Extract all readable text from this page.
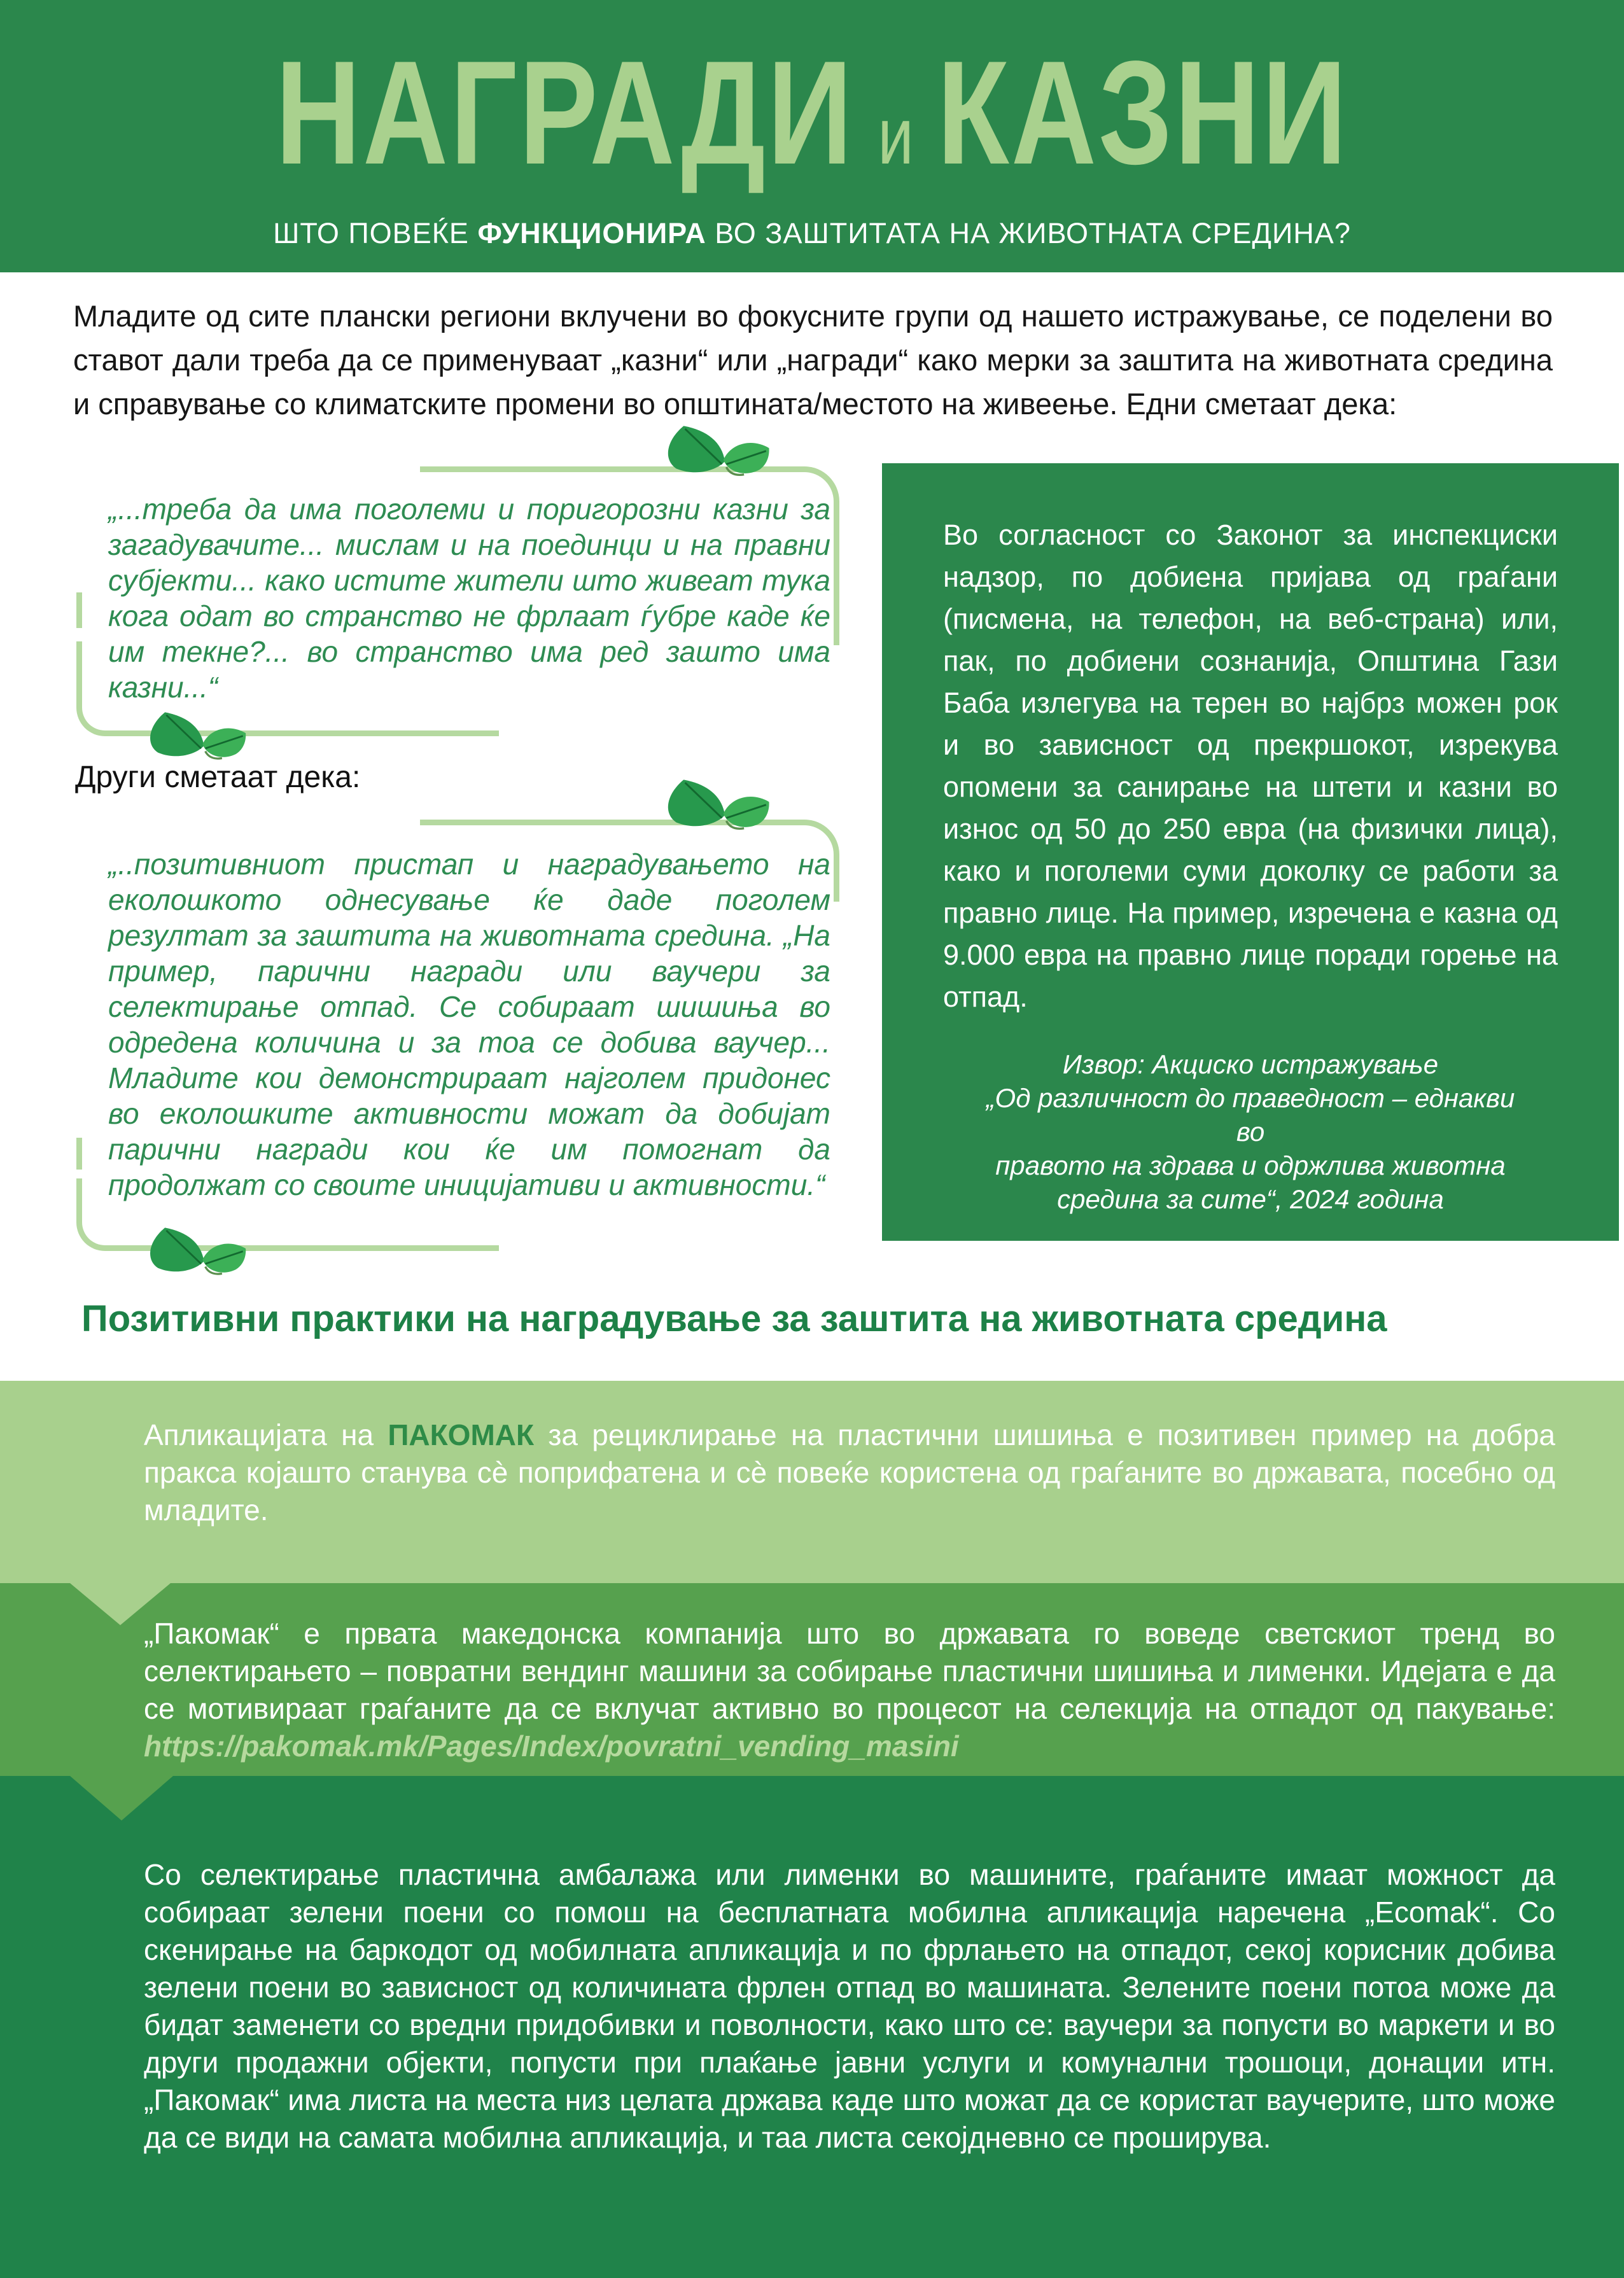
НАГРАДИ и КАЗНИ

ШТО ПОВЕЌЕ ФУНКЦИОНИРА ВО ЗАШТИТАТА НА ЖИВОТНАТА СРЕДИНА?

Младите од сите плански региони вклучени во фокусните групи од нашето истражување, се поделени во ставот дали треба да се применуваат „казни“ или „награди“ како мерки за заштита на животната средина и справување со климатските промени во општината/местото на живеење. Едни сметаат дека:

„...треба да има поголеми и поригорозни казни за загадувачите... мислам и на поединци и на правни субјекти... како истите жители што живеат тука кога одат во странство не фрлаат ѓубре каде ќе им текне?... во странство има ред зашто има казни...“

Други сметаат дека:

„..позитивниот пристап и наградувањето на еколошкото однесување ќе даде поголем резултат за заштита на животната средина. „На пример, парични награди или ваучери за селектирање отпад. Се собираат шишиња во одредена количина и за тоа се добива ваучер... Младите кои демонстрираат најголем придонес во еколошките активности можат да добијат парични награди кои ќе им помогнат да продолжат со своите иницијативи и активности.“

Во согласност со Законот за инспекциски надзор, по добиена пријава од граѓани (писмена, на телефон, на веб-страна) или, пак, по добиени сознанија, Општина Гази Баба излегува на терен во најбрз можен рок и во зависност од прекршокот, изрекува опомени за санирање на штети и казни во износ од 50 до 250 евра (на физички лица), како и поголеми суми доколку се работи за правно лице. На пример, изречена е казна од 9.000 евра на правно лице поради горење на отпад.

Извор: Акциско истражување
„Од различност до праведност – еднакви во
правото на здрава и одржлива животна
средина за сите“, 2024 година

Позитивни практики на наградување за заштита на животната средина

Апликацијата на ПАКОМАК за рециклирање на пластични шишиња е позитивен пример на добра пракса којашто станува сѐ поприфатена и сѐ повеќе користена од граѓаните во државата, посебно од младите.

„Пакомак“ е првата македонска компанија што во државата го воведе светскиот тренд во селектирањето – повратни вендинг машини за собирање пластични шишиња и лименки. Идејата е да се мотивираат граѓаните да се вклучат активно во процесот на селекција на отпадот од пакување: https://pakomak.mk/Pages/Index/povratni_vending_masini

Со селектирање пластична амбалажа или лименки во машините, граѓаните имаат можност да собираат зелени поени со помош на бесплатната мобилна апликација наречена „Ecomak“. Со скенирање на баркодот од мобилната апликација и по фрлањето на отпадот, секој корисник добива зелени поени во зависност од количината фрлен отпад во машината. Зелените поени потоа може да бидат заменети со вредни придобивки и поволности, како што се: ваучери за попусти во маркети и во други продажни објекти, попусти при плаќање јавни услуги и комунални трошоци, донации итн. „Пакомак“ има листа на места низ целата држава каде што можат да се користат ваучерите, што може да се види на самата мобилна апликација, и таа листа секојдневно се проширува.
